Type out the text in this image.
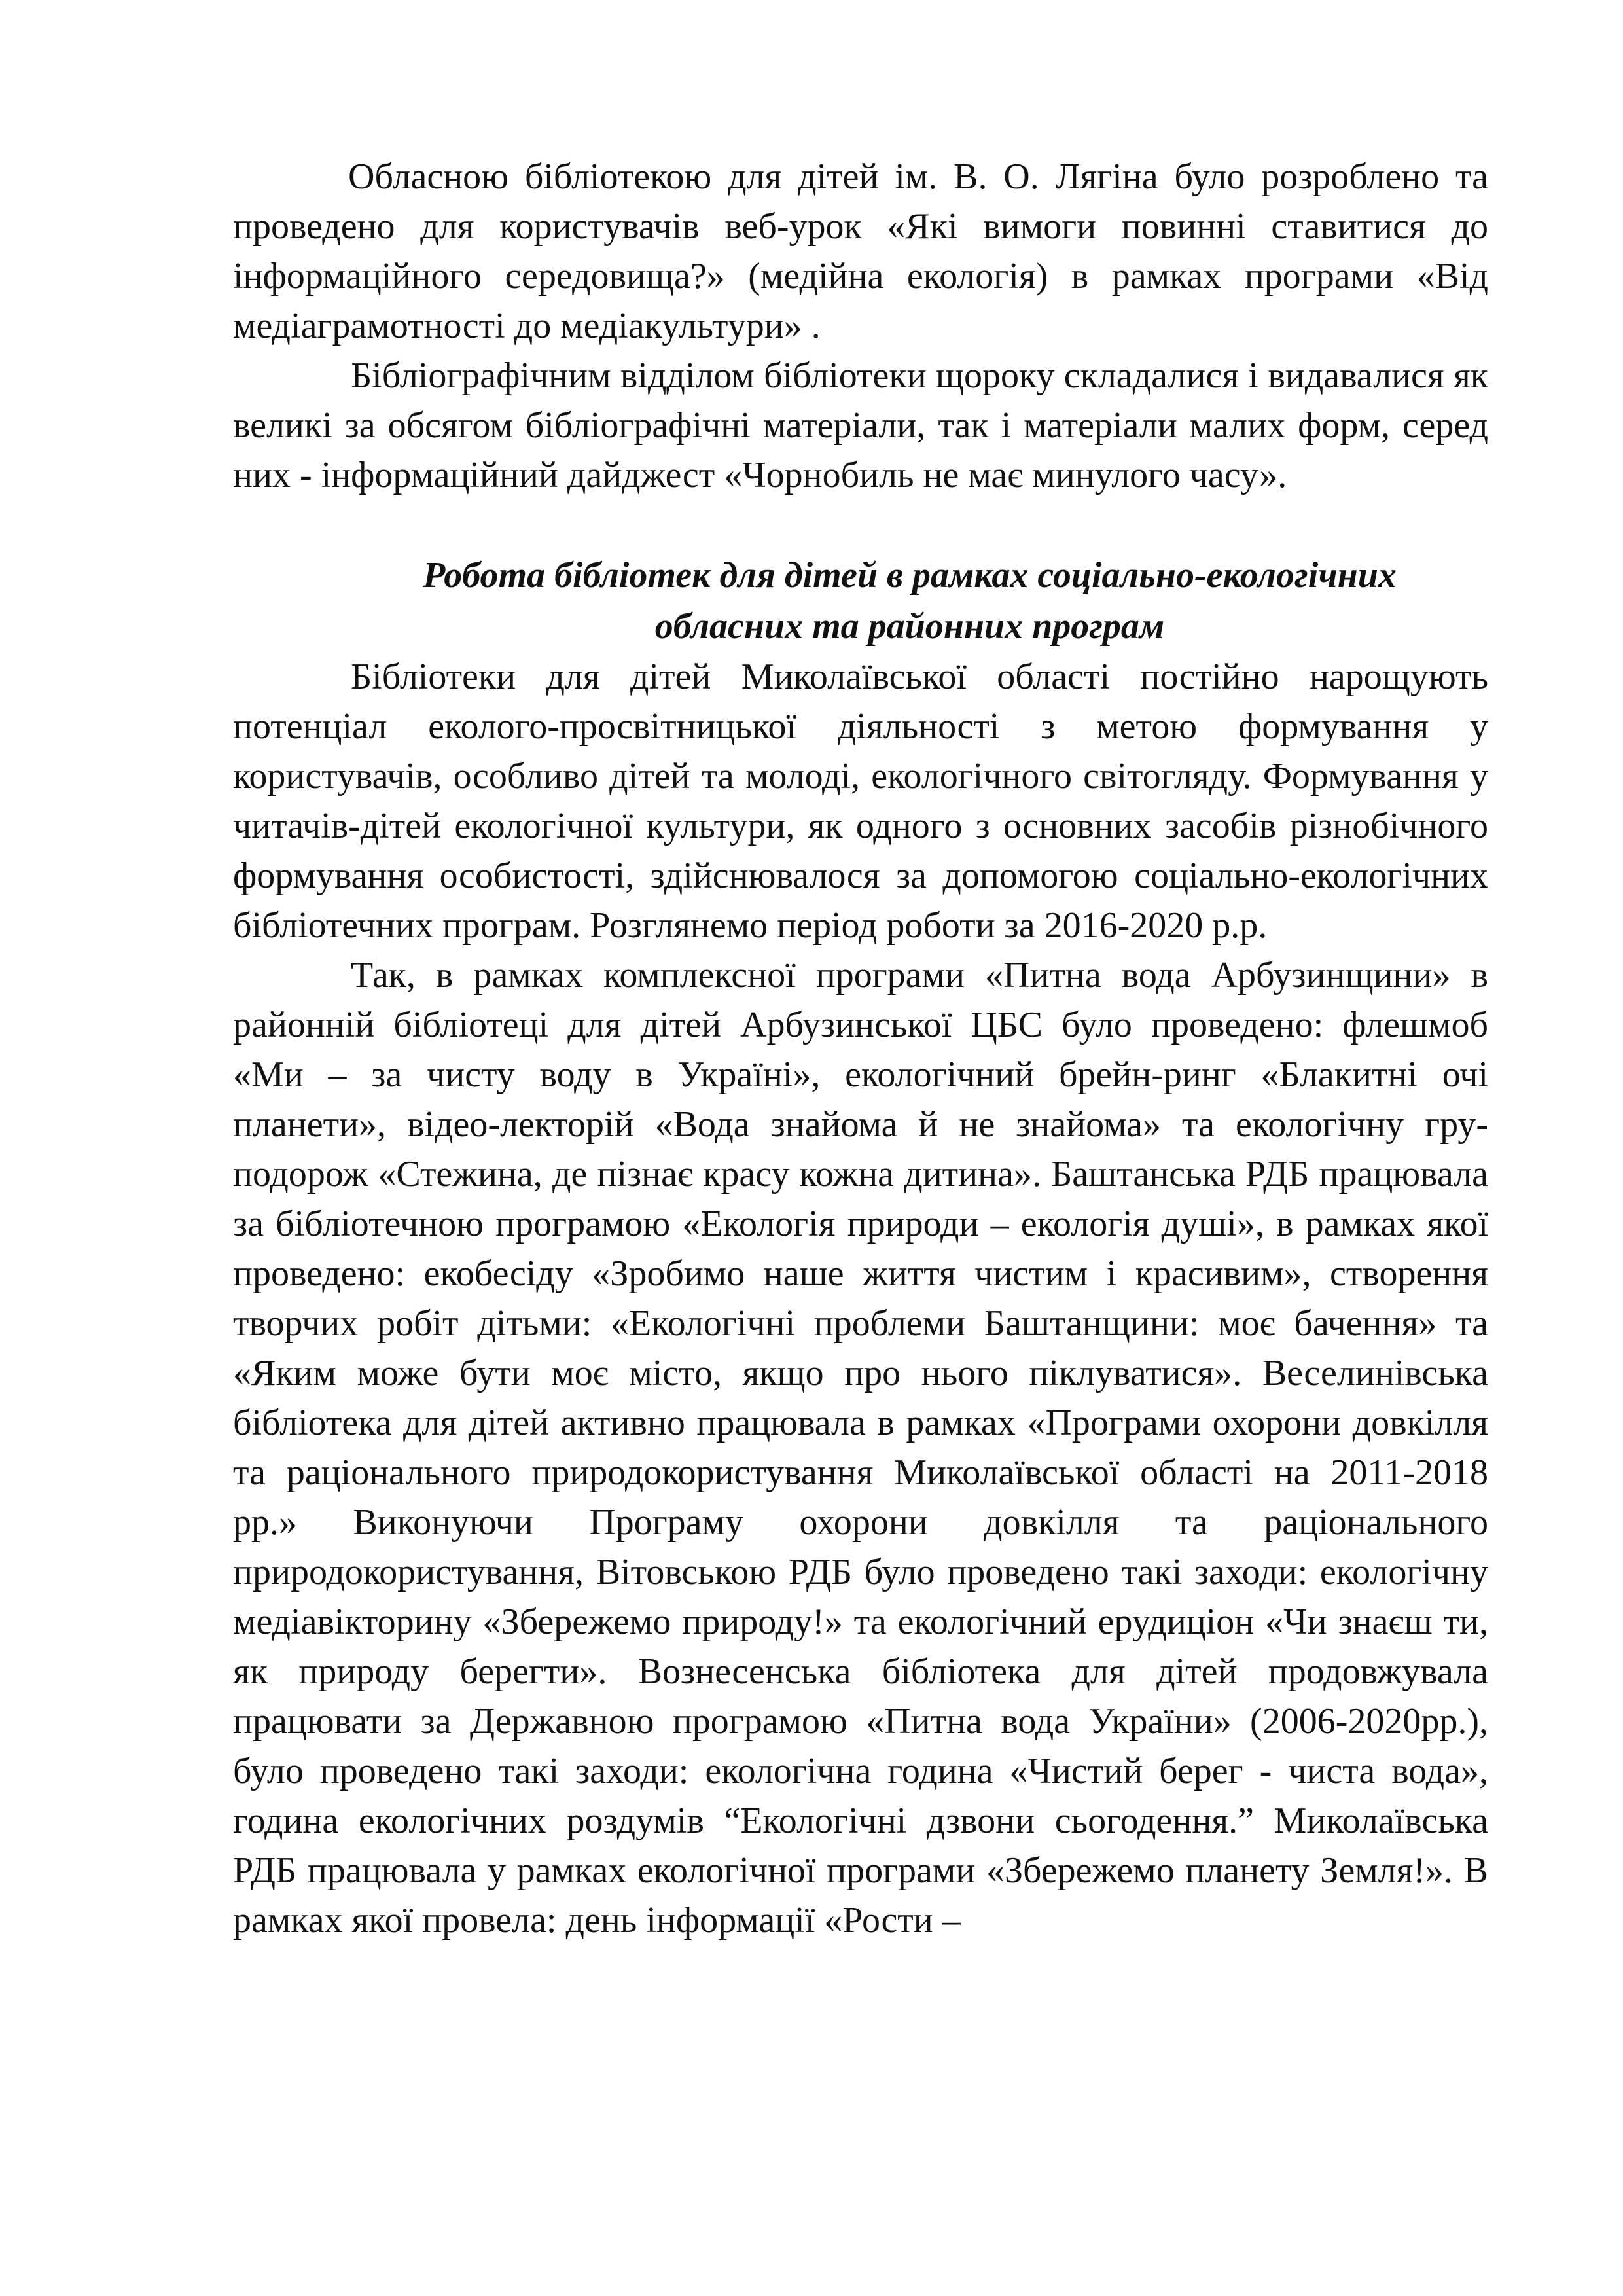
Обласною бібліотекою для дітей ім. В. О. Лягіна було розроблено та проведено для користувачів веб-урок «Які вимоги повинні ставитися до інформаційного середовища?» (медійна екологія) в рамках програми «Від медіаграмотності до медіакультури» .

Бібліографічним відділом бібліотеки щороку складалися і видавалися як великі за обсягом бібліографічні матеріали, так і матеріали малих форм, серед них - інформаційний дайджест «Чорнобиль не має минулого часу».

Робота бібліотек для дітей в рамках соціально-екологічних
обласних та районних програм

Бібліотеки для дітей Миколаївської області постійно нарощують потенціал еколого-просвітницької діяльності з метою формування у користувачів, особливо дітей та молоді, екологічного світогляду. Формування у читачів-дітей екологічної культури, як одного з основних засобів різнобічного формування особистості, здійснювалося за допомогою соціально-екологічних бібліотечних програм. Розглянемо період роботи за 2016-2020 р.р.

Так, в рамках комплексної програми «Питна вода Арбузинщини» в районній бібліотеці для дітей Арбузинської ЦБС було проведено: флешмоб «Ми – за чисту воду в Україні», екологічний брейн-ринг «Блакитні очі планети», відео-лекторій «Вода знайома й не знайома» та екологічну гру-подорож «Стежина, де пізнає красу кожна дитина». Баштанська РДБ працювала за бібліотечною програмою «Екологія природи – екологія душі», в рамках якої проведено: екобесіду «Зробимо наше життя чистим і красивим», створення творчих робіт дітьми: «Екологічні проблеми Баштанщини: моє бачення» та «Яким може бути моє місто, якщо про нього піклуватися». Веселинівська бібліотека для дітей активно працювала в рамках «Програми охорони довкілля та раціонального природокористування Миколаївської області на 2011-2018 рр.» Виконуючи Програму охорони довкілля та раціонального природокористування, Вітовською РДБ було проведено такі заходи: екологічну медіавікторину «Збережемо природу!» та екологічний ерудиціон «Чи знаєш ти, як природу берегти». Вознесенська бібліотека для дітей продовжувала працювати за Державною програмою «Питна вода України» (2006-2020рр.), було проведено такі заходи: екологічна година «Чистий берег - чиста вода», година екологічних роздумів “Екологічні дзвони сьогодення.” Миколаївська РДБ працювала у рамках екологічної програми «Збережемо планету Земля!». В рамках якої провела: день інформації «Рости –
